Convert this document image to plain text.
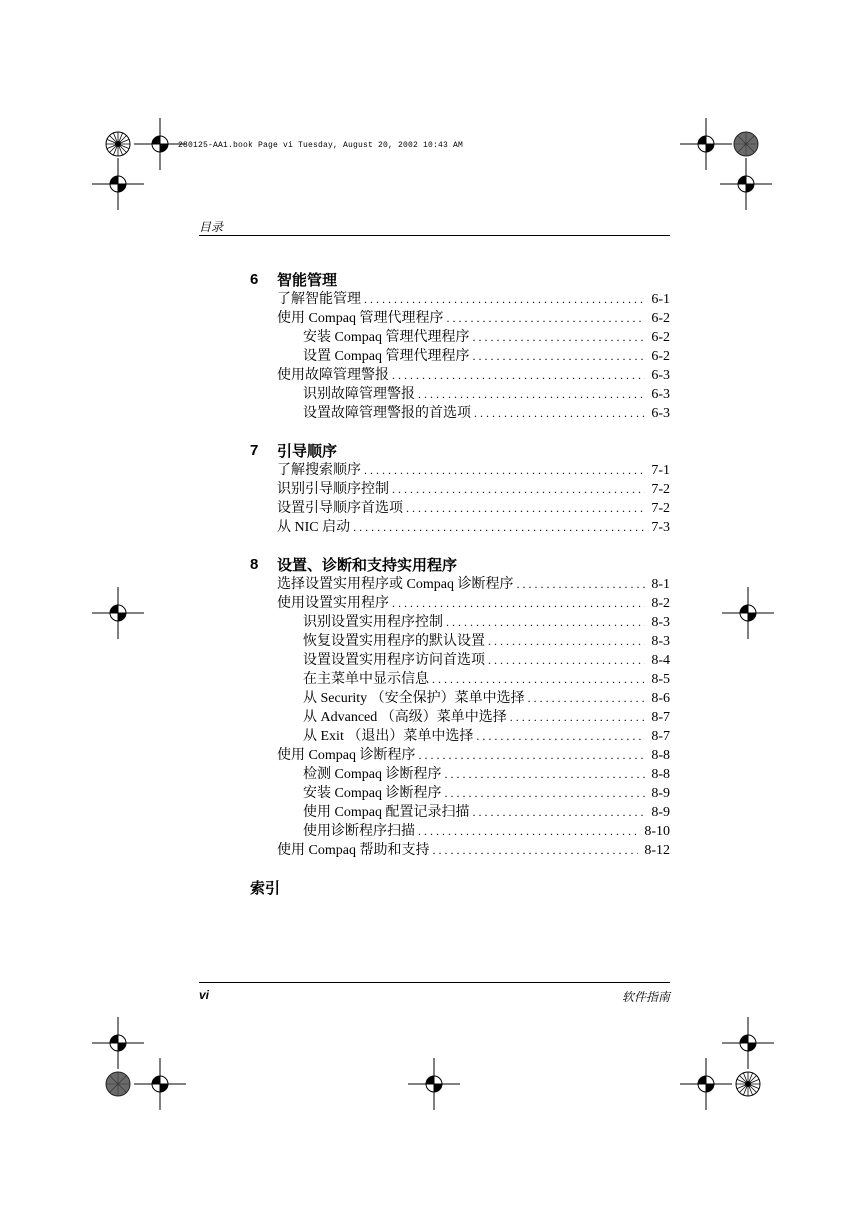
280125-AA1.book Page vi Tuesday, August 20, 2002 10:43 AM
目录
6	智能管理
了解智能管理 .....	6-1
使用 Compaq 管理代理程序 .....	6-2
安装 Compaq 管理代理程序 .....	6-2
设置 Compaq 管理代理程序 .....	6-2
使用故障管理警报 .....	6-3
识别故障管理警报 .....	6-3
设置故障管理警报的首选项 .....	6-3
7	引导顺序
了解搜索顺序 .....	7-1
识别引导顺序控制 .....	7-2
设置引导顺序首选项 .....	7-2
从 NIC 启动 .....	7-3
8	设置、诊断和支持实用程序
选择设置实用程序或 Compaq 诊断程序 .....	8-1
使用设置实用程序 .....	8-2
识别设置实用程序控制 .....	8-3
恢复设置实用程序的默认设置 .....	8-3
设置设置实用程序访问首选项 .....	8-4
在主菜单中显示信息 .....	8-5
从 Security （安全保护）菜单中选择 .....	8-6
从 Advanced （高级）菜单中选择 .....	8-7
从 Exit （退出）菜单中选择 .....	8-7
使用 Compaq 诊断程序 .....	8-8
检测 Compaq 诊断程序 .....	8-8
安装 Compaq 诊断程序 .....	8-9
使用 Compaq 配置记录扫描 .....	8-9
使用诊断程序扫描 .....	8-10
使用 Compaq 帮助和支持 .....	8-12
索引
vi	软件指南
